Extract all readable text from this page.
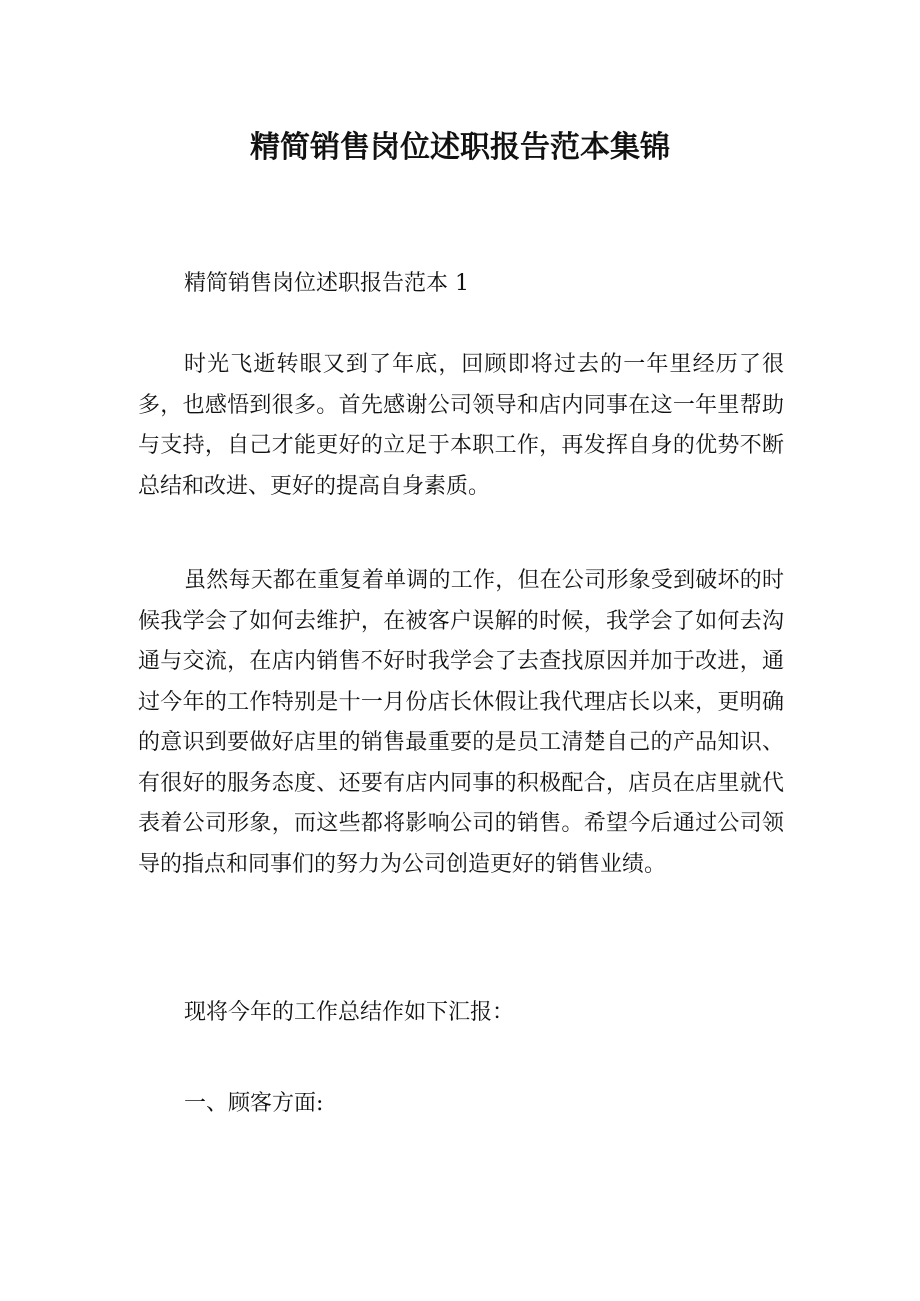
精简销售岗位述职报告范本集锦

精简销售岗位述职报告范本 1

时光飞逝转眼又到了年底，回顾即将过去的一年里经历了很多，也感悟到很多。首先感谢公司领导和店内同事在这一年里帮助与支持，自己才能更好的立足于本职工作，再发挥自身的优势不断总结和改进、更好的提高自身素质。

虽然每天都在重复着单调的工作，但在公司形象受到破坏的时候我学会了如何去维护，在被客户误解的时候，我学会了如何去沟通与交流，在店内销售不好时我学会了去查找原因并加于改进，通过今年的工作特别是十一月份店长休假让我代理店长以来，更明确的意识到要做好店里的销售最重要的是员工清楚自己的产品知识、有很好的服务态度、还要有店内同事的积极配合，店员在店里就代表着公司形象，而这些都将影响公司的销售。希望今后通过公司领导的指点和同事们的努力为公司创造更好的销售业绩。

现将今年的工作总结作如下汇报：

一、顾客方面:
